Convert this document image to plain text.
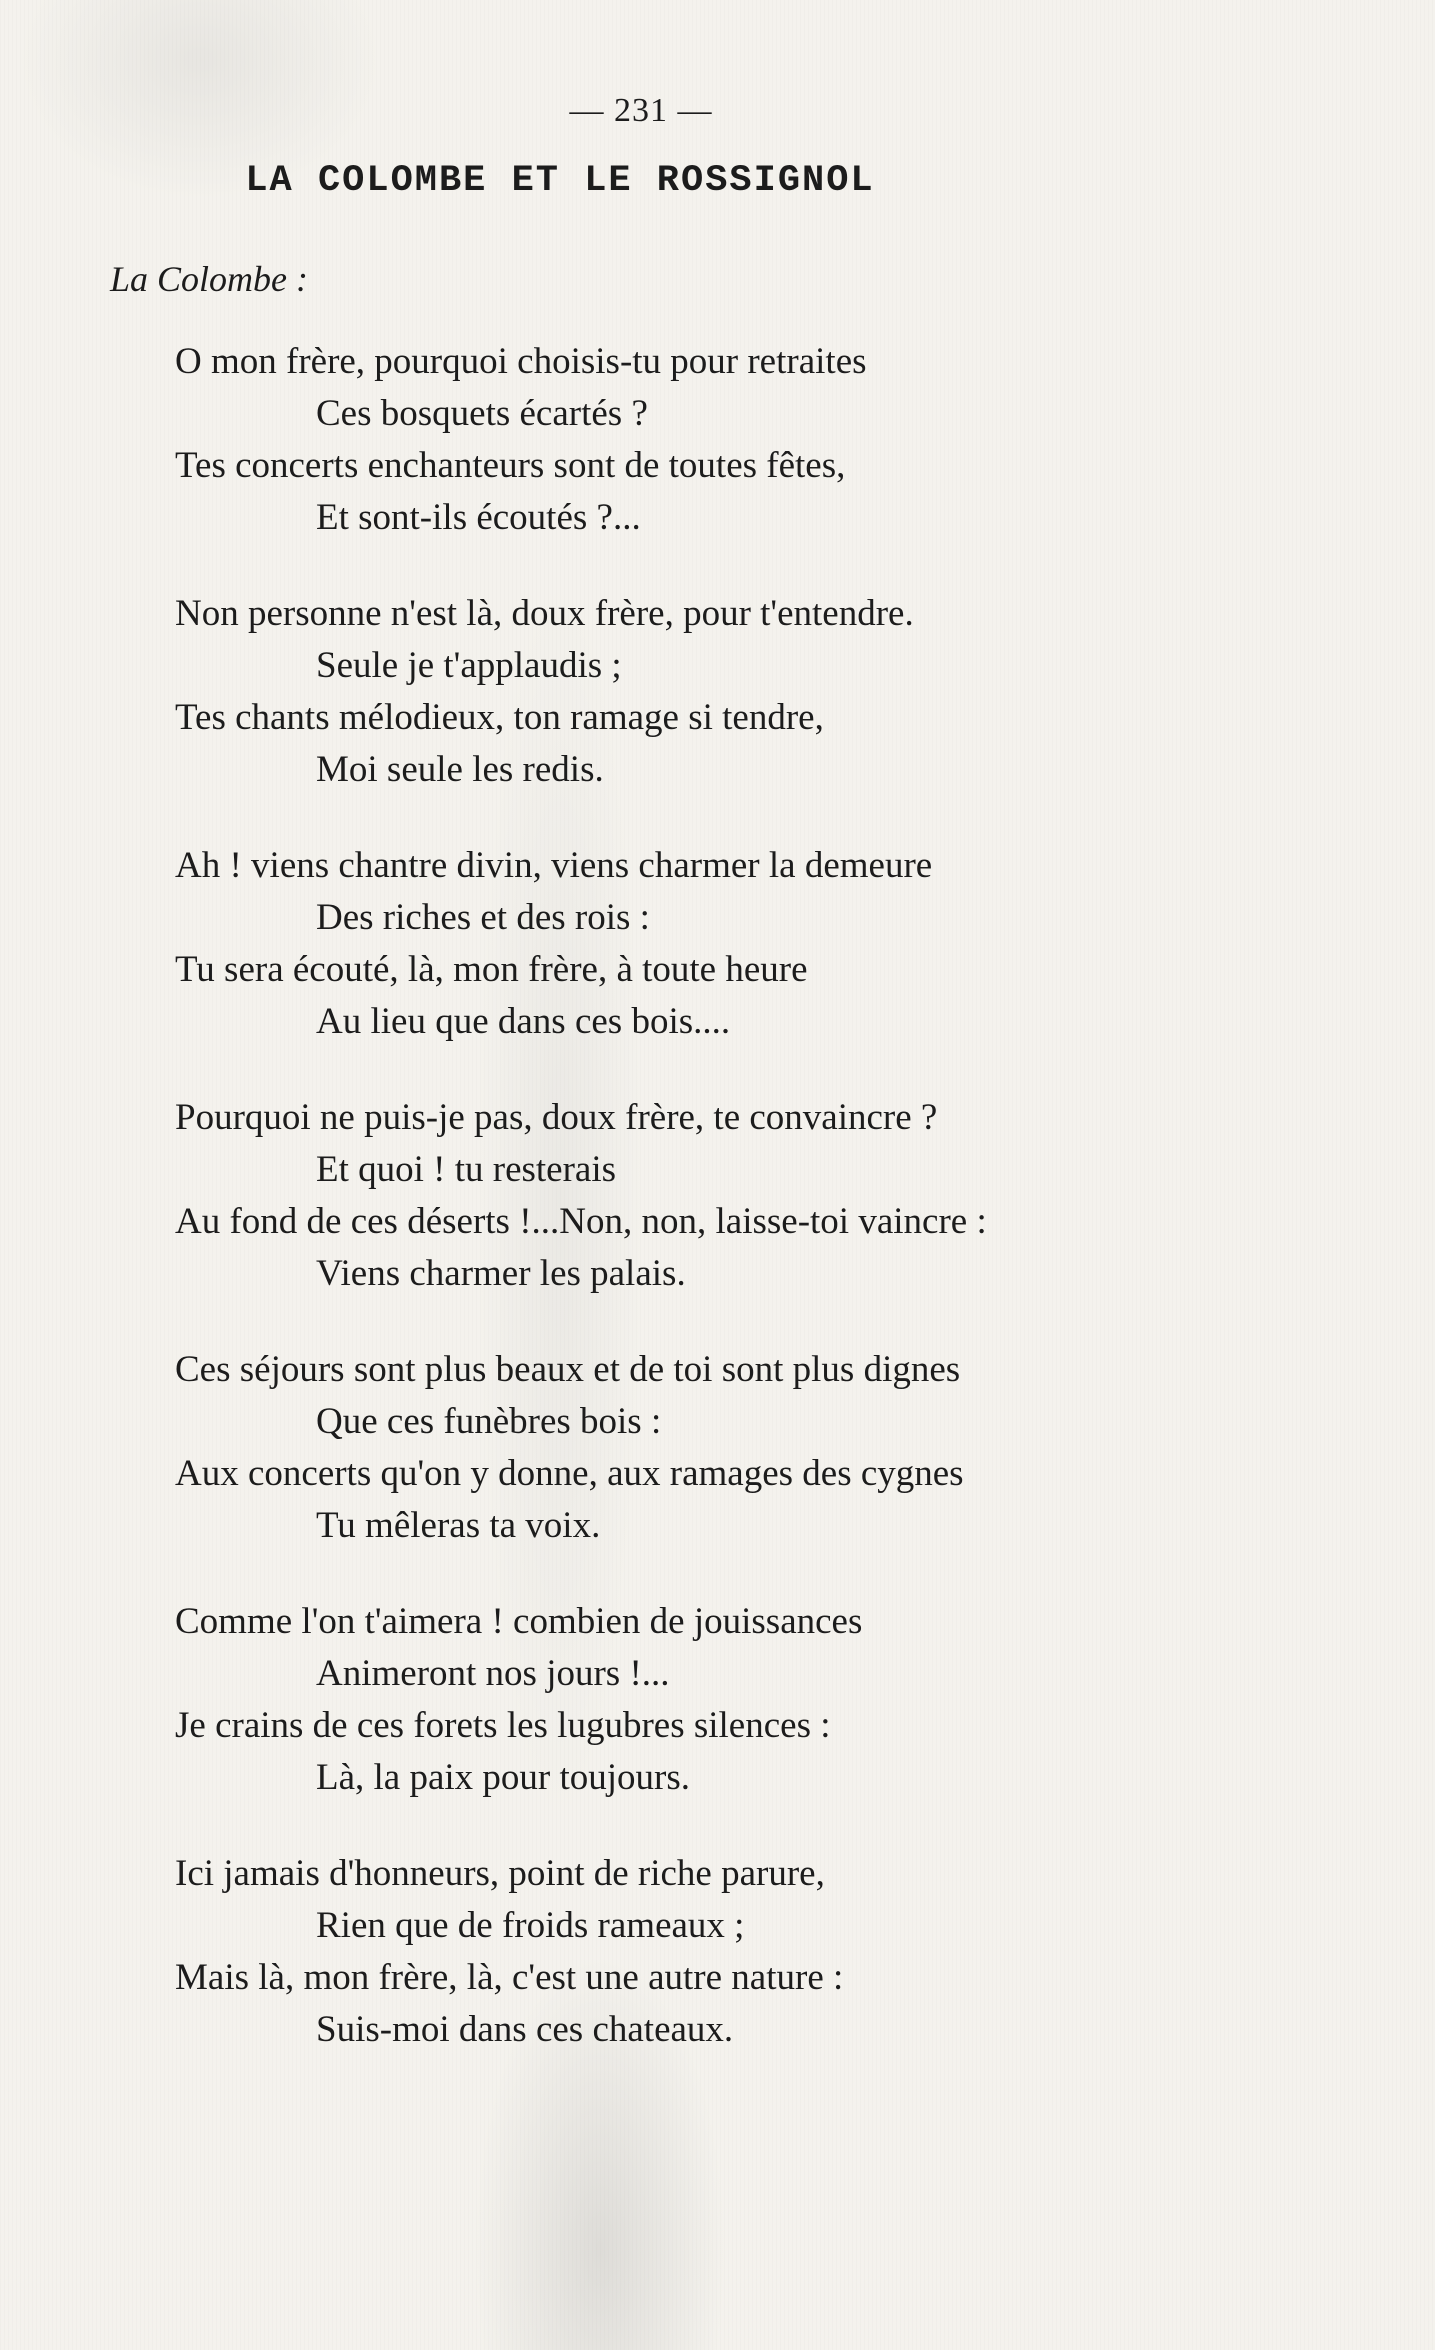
— 231 —
LA COLOMBE ET LE ROSSIGNOL
La Colombe :
O mon frère, pourquoi choisis-tu pour retraites
Ces bosquets écartés ?
Tes concerts enchanteurs sont de toutes fêtes,
Et sont-ils écoutés ?...
Non personne n'est là, doux frère, pour t'entendre.
Seule je t'applaudis ;
Tes chants mélodieux, ton ramage si tendre,
Moi seule les redis.
Ah ! viens chantre divin, viens charmer la demeure
Des riches et des rois :
Tu sera écouté, là, mon frère, à toute heure
Au lieu que dans ces bois....
Pourquoi ne puis-je pas, doux frère, te convaincre ?
Et quoi ! tu resterais
Au fond de ces déserts !...Non, non, laisse-toi vaincre :
Viens charmer les palais.
Ces séjours sont plus beaux et de toi sont plus dignes
Que ces funèbres bois :
Aux concerts qu'on y donne, aux ramages des cygnes
Tu mêleras ta voix.
Comme l'on t'aimera ! combien de jouissances
Animeront nos jours !...
Je crains de ces forets les lugubres silences :
Là, la paix pour toujours.
Ici jamais d'honneurs, point de riche parure,
Rien que de froids rameaux ;
Mais là, mon frère, là, c'est une autre nature :
Suis-moi dans ces chateaux.
